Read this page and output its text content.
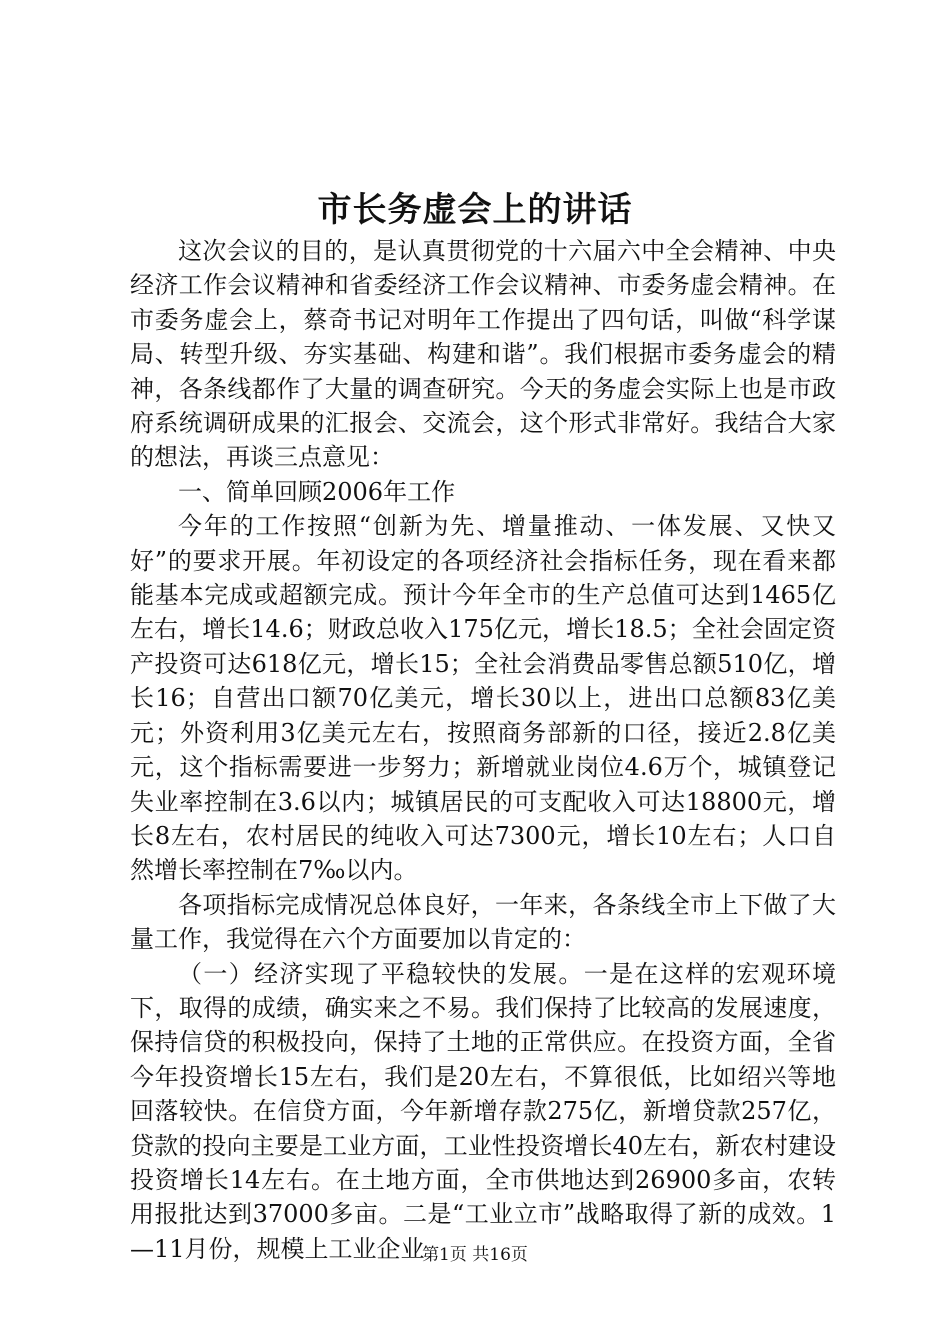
市长务虚会上的讲话

这次会议的目的，是认真贯彻党的十六届六中全会精神、中央经济工作会议精神和省委经济工作会议精神、市委务虚会精神。在市委务虚会上，蔡奇书记对明年工作提出了四句话，叫做“科学谋局、转型升级、夯实基础、构建和谐”。我们根据市委务虚会的精神，各条线都作了大量的调查研究。今天的务虚会实际上也是市政府系统调研成果的汇报会、交流会，这个形式非常好。我结合大家的想法，再谈三点意见：

一、简单回顾2006年工作

今年的工作按照“创新为先、增量推动、一体发展、又快又好”的要求开展。年初设定的各项经济社会指标任务，现在看来都能基本完成或超额完成。预计今年全市的生产总值可达到1465亿左右，增长14.6；财政总收入175亿元，增长18.5；全社会固定资产投资可达618亿元，增长15；全社会消费品零售总额510亿，增长16；自营出口额70亿美元，增长30以上，进出口总额83亿美元；外资利用3亿美元左右，按照商务部新的口径，接近2.8亿美元，这个指标需要进一步努力；新增就业岗位4.6万个，城镇登记失业率控制在3.6以内；城镇居民的可支配收入可达18800元，增长8左右，农村居民的纯收入可达7300元，增长10左右；人口自然增长率控制在7‰以内。

各项指标完成情况总体良好，一年来，各条线全市上下做了大量工作，我觉得在六个方面要加以肯定的：

（一）经济实现了平稳较快的发展。一是在这样的宏观环境下，取得的成绩，确实来之不易。我们保持了比较高的发展速度，保持信贷的积极投向，保持了土地的正常供应。在投资方面，全省今年投资增长15左右，我们是20左右，不算很低，比如绍兴等地回落较快。在信贷方面，今年新增存款275亿，新增贷款257亿，贷款的投向主要是工业方面，工业性投资增长40左右，新农村建设投资增长14左右。在土地方面，全市供地达到26900多亩，农转用报批达到37000多亩。二是“工业立市”战略取得了新的成效。1—11月份，规模上工业企业

第1页 共16页
